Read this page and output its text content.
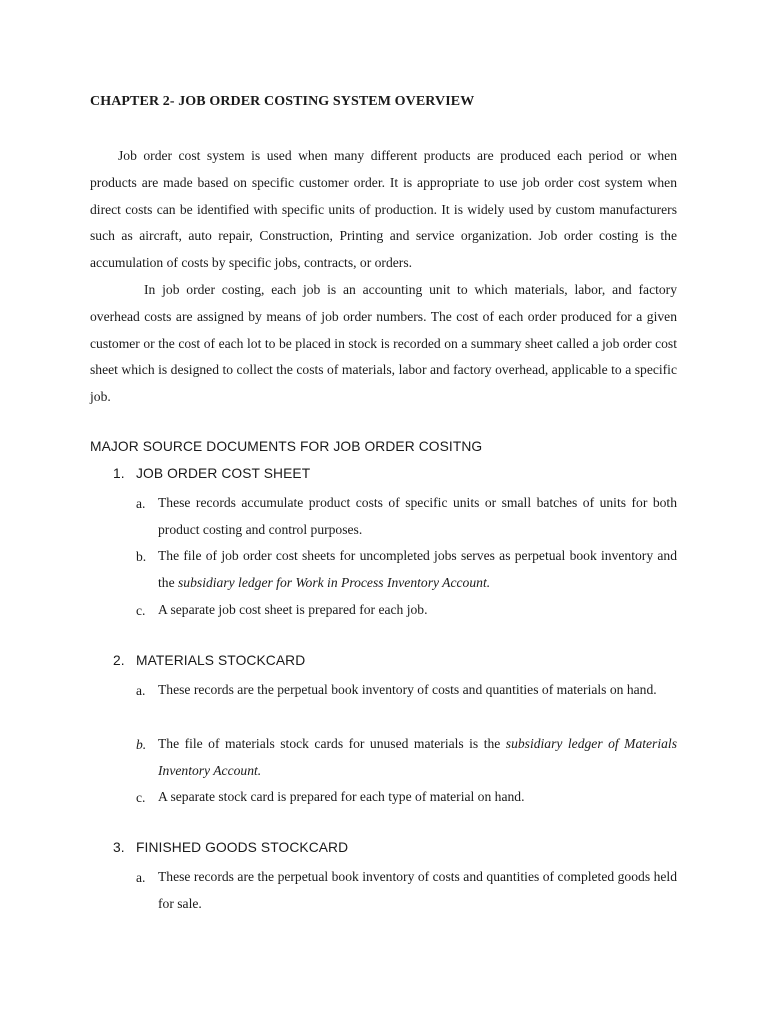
CHAPTER 2- JOB ORDER COSTING SYSTEM OVERVIEW
Job order cost system is used when many different products are produced each period or when products are made based on specific customer order. It is appropriate to use job order cost system when direct costs can be identified with specific units of production. It is widely used by custom manufacturers such as aircraft, auto repair, Construction, Printing and service organization. Job order costing is the accumulation of costs by specific jobs, contracts, or orders.
In job order costing, each job is an accounting unit to which materials, labor, and factory overhead costs are assigned by means of job order numbers. The cost of each order produced for a given customer or the cost of each lot to be placed in stock is recorded on a summary sheet called a job order cost sheet which is designed to collect the costs of materials, labor and factory overhead, applicable to a specific job.
MAJOR SOURCE DOCUMENTS FOR JOB ORDER COSITNG
1. JOB ORDER COST SHEET
a. These records accumulate product costs of specific units or small batches of units for both product costing and control purposes.
b. The file of job order cost sheets for uncompleted jobs serves as perpetual book inventory and the subsidiary ledger for Work in Process Inventory Account.
c. A separate job cost sheet is prepared for each job.
2. MATERIALS STOCKCARD
a. These records are the perpetual book inventory of costs and quantities of materials on hand.
b. The file of materials stock cards for unused materials is the subsidiary ledger of Materials Inventory Account.
c. A separate stock card is prepared for each type of material on hand.
3. FINISHED GOODS STOCKCARD
a. These records are the perpetual book inventory of costs and quantities of completed goods held for sale.
